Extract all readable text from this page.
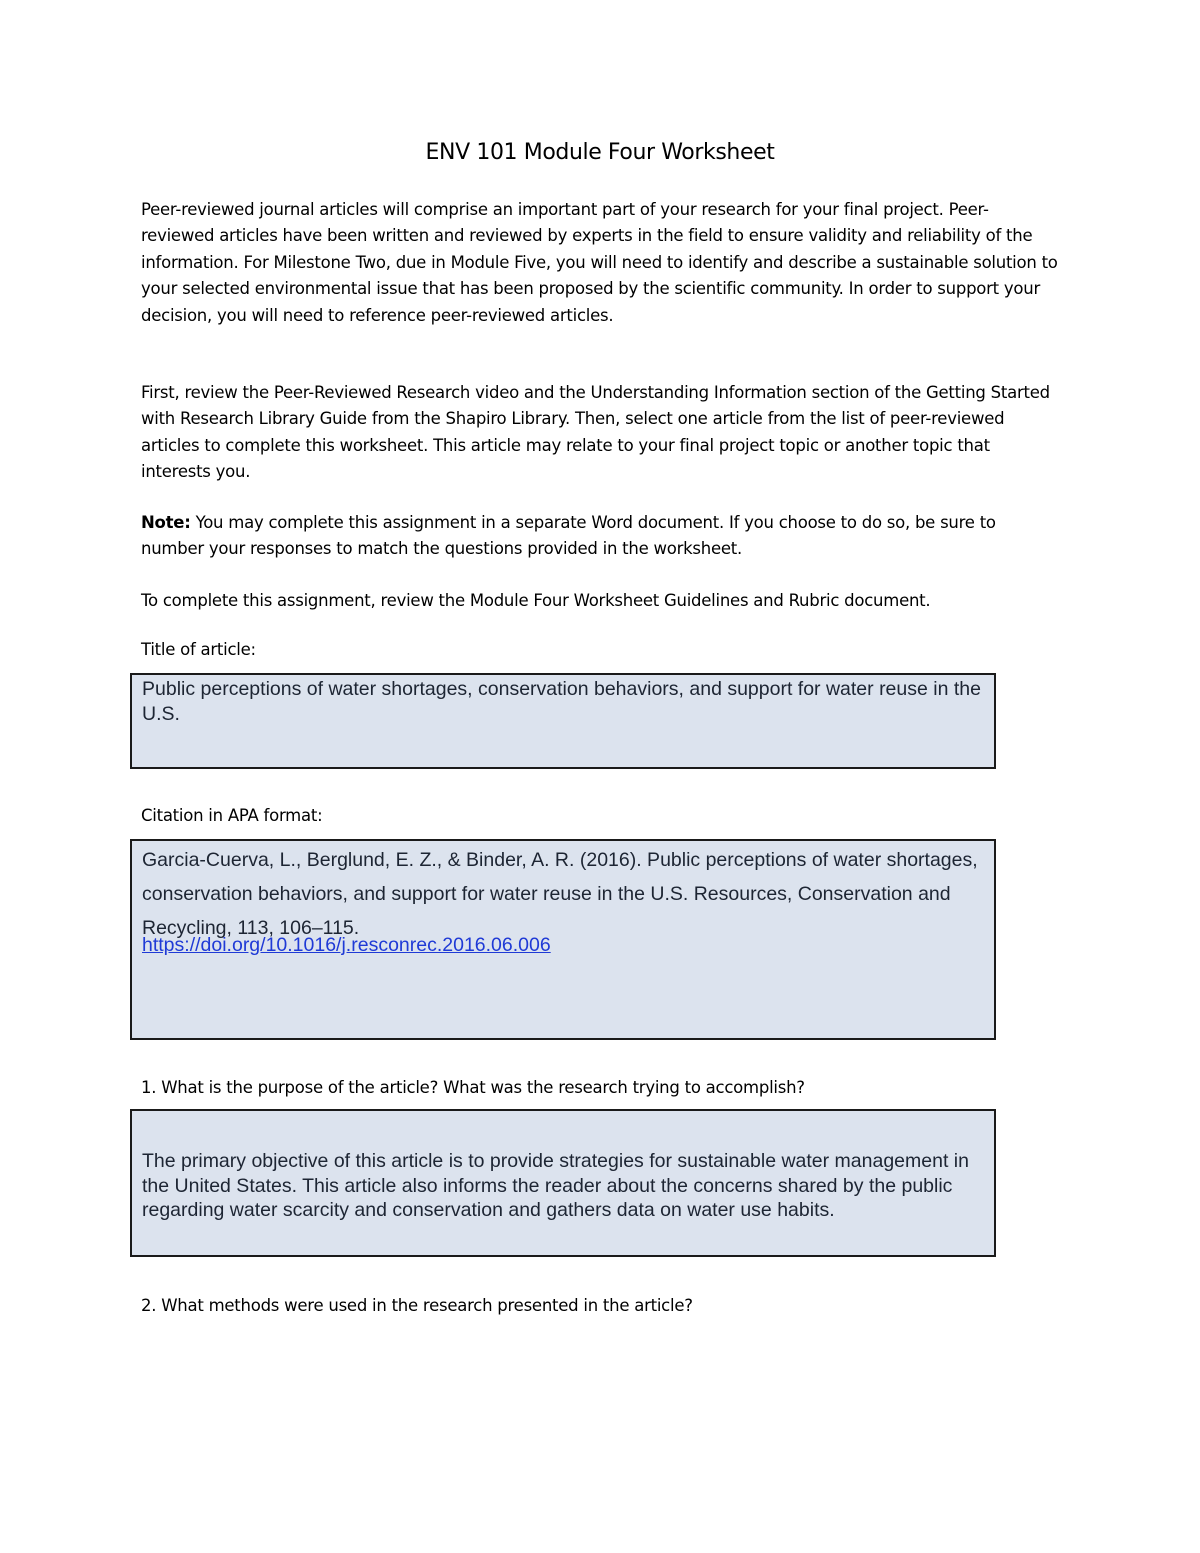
ENV 101 Module Four Worksheet
Peer-reviewed journal articles will comprise an important part of your research for your final project. Peer-reviewed articles have been written and reviewed by experts in the field to ensure validity and reliability of the information. For Milestone Two, due in Module Five, you will need to identify and describe a sustainable solution to your selected environmental issue that has been proposed by the scientific community. In order to support your decision, you will need to reference peer-reviewed articles.
First, review the Peer-Reviewed Research video and the Understanding Information section of the Getting Started with Research Library Guide from the Shapiro Library. Then, select one article from the list of peer-reviewed articles to complete this worksheet. This article may relate to your final project topic or another topic that interests you.
Note: You may complete this assignment in a separate Word document. If you choose to do so, be sure to number your responses to match the questions provided in the worksheet.
To complete this assignment, review the Module Four Worksheet Guidelines and Rubric document.
Title of article:
Public perceptions of water shortages, conservation behaviors, and support for water reuse in the U.S.
Citation in APA format:
Garcia-Cuerva, L., Berglund, E. Z., & Binder, A. R. (2016). Public perceptions of water shortages, conservation behaviors, and support for water reuse in the U.S. Resources, Conservation and Recycling, 113, 106–115.
https://doi.org/10.1016/j.resconrec.2016.06.006
1. What is the purpose of the article? What was the research trying to accomplish?
The primary objective of this article is to provide strategies for sustainable water management in the United States. This article also informs the reader about the concerns shared by the public regarding water scarcity and conservation and gathers data on water use habits.
2. What methods were used in the research presented in the article?
